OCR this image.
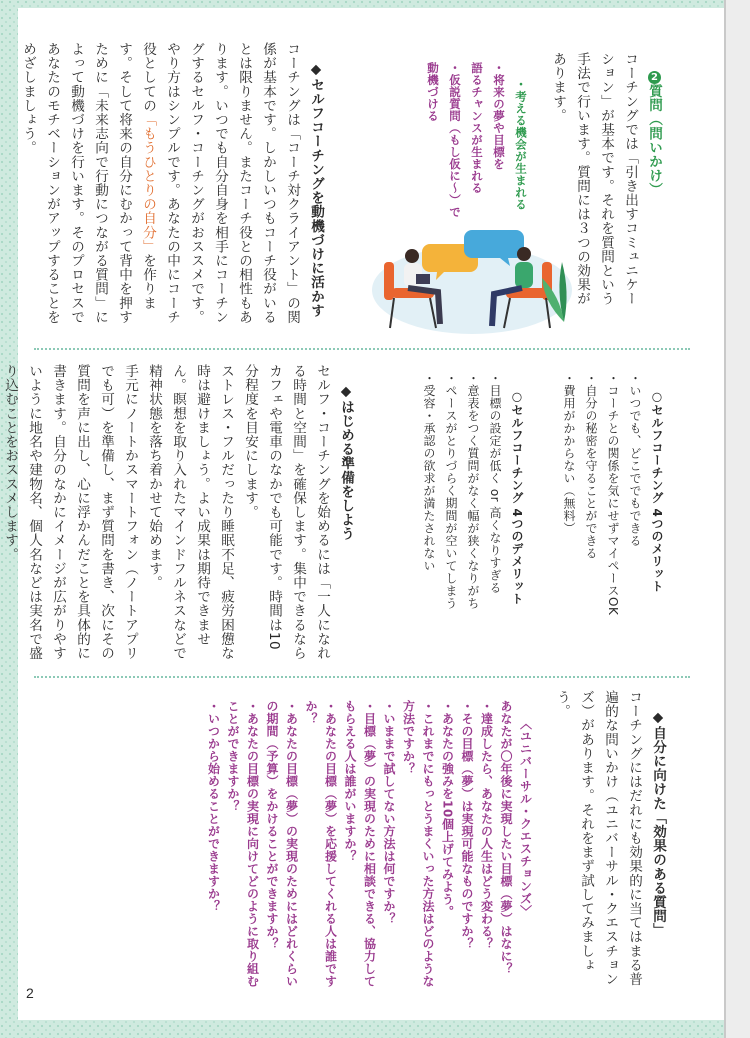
2質問（問いかけ）
コーチングでは「引き出すコミュニケーション」が基本です。それを質問という手法で行います。質問には３つの効果があります。

・考える機会が生まれる
・将来の夢や目標を
語るチャンスが生まれる
・仮説質問（もし仮に〜）で
動機づける

◆セルフコーチングを動機づけに活かす
コーチングは「コーチ対クライアント」の関係が基本です。しかしいつもコーチ役がいるとは限りません。またコーチ役との相性もあります。いつでも自分自身を相手にコーチングするセルフ・コーチングがおススメです。
やり方はシンプルです。あなたの中にコーチ役としての「もうひとりの自分」を作ります。そして将来の自分にむかって背中を押すために「未来志向で行動につながる質問」によって動機づけを行います。そのプロセスであなたのモチベーションがアップすることをめざしましょう。

○セルフコーチング 4つのメリット
・いつでも、どこででもできる
・コーチとの関係を気にせずマイペースOK
・自分の秘密を守ることができる
・費用がかからない（無料）

○セルフコーチング 4つのデメリット
・目標の設定が低く or 高くなりすぎる
・意表をつく質問がなく幅が狭くなりがち
・ペースがとりづらく期間が空いてしまう
・受容・承認の欲求が満たされない

◆はじめる準備をしよう
セルフ・コーチングを始めるには「一人になれる時間と空間」を確保します。集中できるならカフェや電車のなかでも可能です。時間は10分程度を目安にします。
ストレス・フルだったり睡眠不足、疲労困憊な時は避けましょう。よい成果は期待できません。瞑想を取り入れたマインドフルネスなどで精神状態を落ち着かせて始めます。
手元にノートかスマートフォン（ノートアプリでも可）を準備し、まず質問を書き、次にその質問を声に出し、心に浮かんだことを具体的に書きます。自分のなかにイメージが広がりやすいように地名や建物名、個人名などは実名で盛り込むことをおススメします。

◆自分に向けた「効果のある質問」
コーチングにはだれにも効果的に当てはまる普遍的な問いかけ（ユニバーサル・クエスチョンズ）があります。それをまず試してみましょう。

〈ユニバーサル・クエスチョンズ〉
あなたが〇年後に実現したい目標（夢）はなに？
・達成したら、あなたの人生はどう変わる？
・その目標（夢）は実現可能なものですか？
・あなたの強みを10個上げてみよう。
・これまでにもっとうまくいった方法はどのような方法ですか？
・いままで試してない方法は何ですか？
・目標（夢）の実現のために相談できる、協力してもらえる人は誰がいますか？
・あなたの目標（夢）を応援してくれる人は誰ですか？
・あなたの目標（夢）の実現のためにはどれくらいの期間（予算）をかけることができますか？
・あなたの目標の実現に向けてどのように取り組むことができますか？
・いつから始めることができますか？

2
